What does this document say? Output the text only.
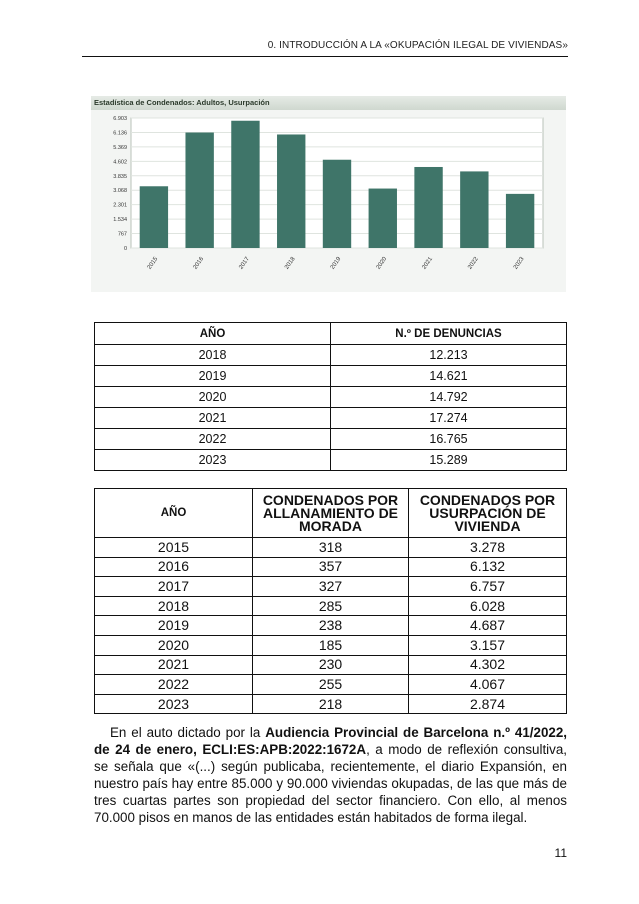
0. INTRODUCCIÓN A LA «OKUPACIÓN ILEGAL DE VIVIENDAS»
Estadística de Condenados: Adultos, Usurpación
6.903
6.136
5.369
4.602
3.835
3.068
2.301
1.534
767
0
2015	2016	2017	2018	2019	2020	2021	2022	2023
AÑO	N.º DE DENUNCIAS
2018	12.213
2019	14.621
2020	14.792
2021	17.274
2022	16.765
2023	15.289
AÑO	CONDENADOS POR ALLANAMIENTO DE MORADA	CONDENADOS POR USURPACIÓN DE VIVIENDA
2015	318	3.278
2016	357	6.132
2017	327	6.757
2018	285	6.028
2019	238	4.687
2020	185	3.157
2021	230	4.302
2022	255	4.067
2023	218	2.874
En el auto dictado por la Audiencia Provincial de Barcelona n.º 41/2022, de 24 de enero, ECLI:ES:APB:2022:1672A, a modo de reflexión consultiva, se señala que «(...) según publicaba, recientemente, el diario Expansión, en nuestro país hay entre 85.000 y 90.000 viviendas okupadas, de las que más de tres cuartas partes son propiedad del sector financiero. Con ello, al menos 70.000 pisos en manos de las entidades están habitados de forma ilegal.
11
